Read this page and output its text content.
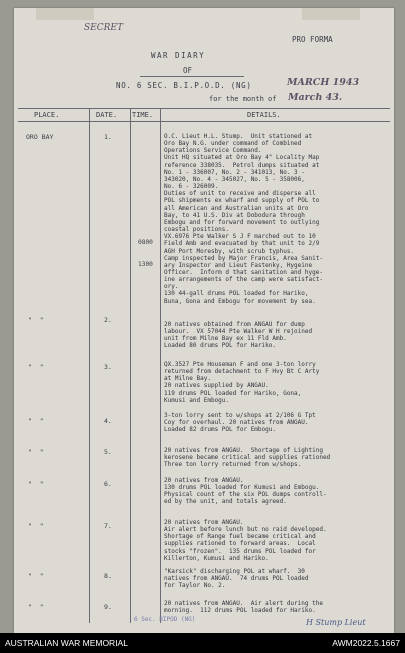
SECRET
PRO FORMA
WAR DIARY
OF
NO. 6 SEC. B.I.P.O.D. (NG)	MARCH 1943
for the month of March 43.
PLACE.	DATE. TIME.	DETAILS.
ORO BAY	1.
0800
1300
O.C. Lieut H.L. Stump.  Unit stationed at
Oro Bay N.G. under command of Combined
Operations Service Command.
Unit HQ situated at Oro Bay 4" Locality Map
reference 338035.  Petrol dumps situated at
No. 1 - 336007, No. 2 - 341013, No. 3 -
343020, No. 4 - 345027, No. 5 - 358006,
No. 6 - 326009.
Duties of unit to receive and disperse all
POL shipments ex wharf and supply of POL to
all American and Australian units at Oro
Bay, to 41 U.S. Div at Dobodura through
Embogu and for forward movement to outlying
coastal positions.
VX.6976 Pte Walker S J F marched out to 10
Field Amb and evacuated by that unit to 2/9
AGH Port Moresby, with scrub typhus.
Camp inspected by Major Francis, Area Sanit-
ary Inspector and Lieut Fastenky, Hygeine
Officer.  Inform d that sanitation and hyge-
ine arrangements of the camp were satisfact-
ory.
130 44-gall drums POL loaded for Hariko,
Buna, Gona and Embogu for movement by sea.
"  "	2.
20 natives obtained from ANGAU for dump
labour.  VX 57044 Pte Walker W H rejoined
unit from Milne Bay ex 11 Fld Amb.
Loaded 80 drums POL for Hariko.
"  "	3.	QX.3527 Pte Houseman F and one 3-ton lorry
returned from detachment to F Hvy Bt C Arty
at Milne Bay.
20 natives supplied by ANGAU.
119 drums POL loaded for Hariko, Gona,
Kumusi and Embogu.
"  "	4.
3-ton lorry sent to w/shops at 2/106 G Tpt
Coy for overhaul. 20 natives from ANGAU.
Loaded 82 drums POL for Embogu.
"  "	5.	20 natives from ANGAU.  Shortage of Lighting
kerosene became critical and supplies rationed
Three ton lorry returned from w/shops.
"  "	6.	20 natives from ANGAU.
130 drums POL loaded for Kumusi and Embogu.
Physical count of the six POL dumps controll-
ed by the unit, and totals agreed.
"  "	7.	20 natives from ANGAU.
Air alert before lunch but no raid developed.
Shortage of Range fuel became critical and
supplies rationed to forward areas.  Local
stocks "frozen".  135 drums POL loaded for
Killerton, Kumusi and Hariko.
"  "	8.
"Karsick" discharging POL at wharf.  30
natives from ANGAU.  74 drums POL loaded
for Taylor No. 2.
"  "	9.	20 natives from ANGAU.  Air alert during the
morning.  112 drums POL loaded for Hariko.
6 Sec. BIPOD (NG)	H Stump Lieut
AUSTRALIAN WAR MEMORIAL	AWM2022.5.1667
